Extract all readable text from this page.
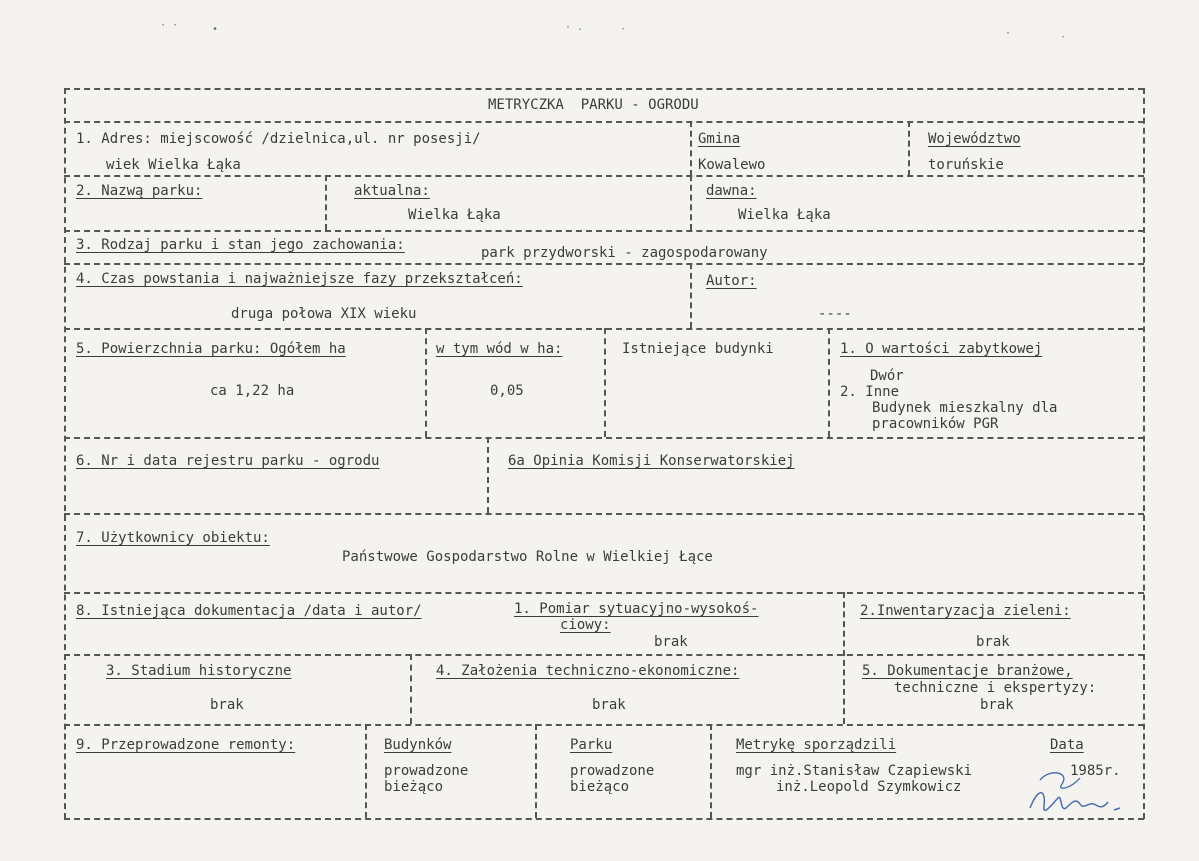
· ·	•	· .	·	·	·
METRYCZKA  PARKU - OGRODU
1. Adres: miejscowość /dzielnica,ul. nr posesji/
wiek Wielka Łąka
Gmina
Kowalewo
Województwo
toruńskie
2. Nazwą parku:	aktualna:
Wielka Łąka
dawna:
Wielka Łąka
3. Rodzaj parku i stan jego zachowania:	park przydworski - zagospodarowany
4. Czas powstania i najważniejsze fazy przekształceń:
druga połowa XIX wieku
Autor:
----
5. Powierzchnia parku: Ogółem ha
ca 1,22 ha
w tym wód w ha:
0,05
Istniejące budynki	1. O wartości zabytkowej
Dwór
2. Inne
Budynek mieszkalny dla
pracowników PGR
6. Nr i data rejestru parku - ogrodu	6a Opinia Komisji Konserwatorskiej
7. Użytkownicy obiektu:
Państwowe Gospodarstwo Rolne w Wielkiej Łące
8. Istniejąca dokumentacja /data i autor/	1. Pomiar sytuacyjno-wysokoś-
ciowy:
brak
2.Inwentaryzacja zieleni:
brak
3. Stadium historyczne
brak
4. Założenia techniczno-ekonomiczne:
brak
5. Dokumentacje branżowe,
techniczne i ekspertyzy:
brak
9. Przeprowadzone remonty:	Budynków
prowadzone
bieżąco
Parku
prowadzone
bieżąco
Metrykę sporządzili	Data
mgr inż.Stanisław Czapiewski
inż.Leopold Szymkowicz
1985r.
